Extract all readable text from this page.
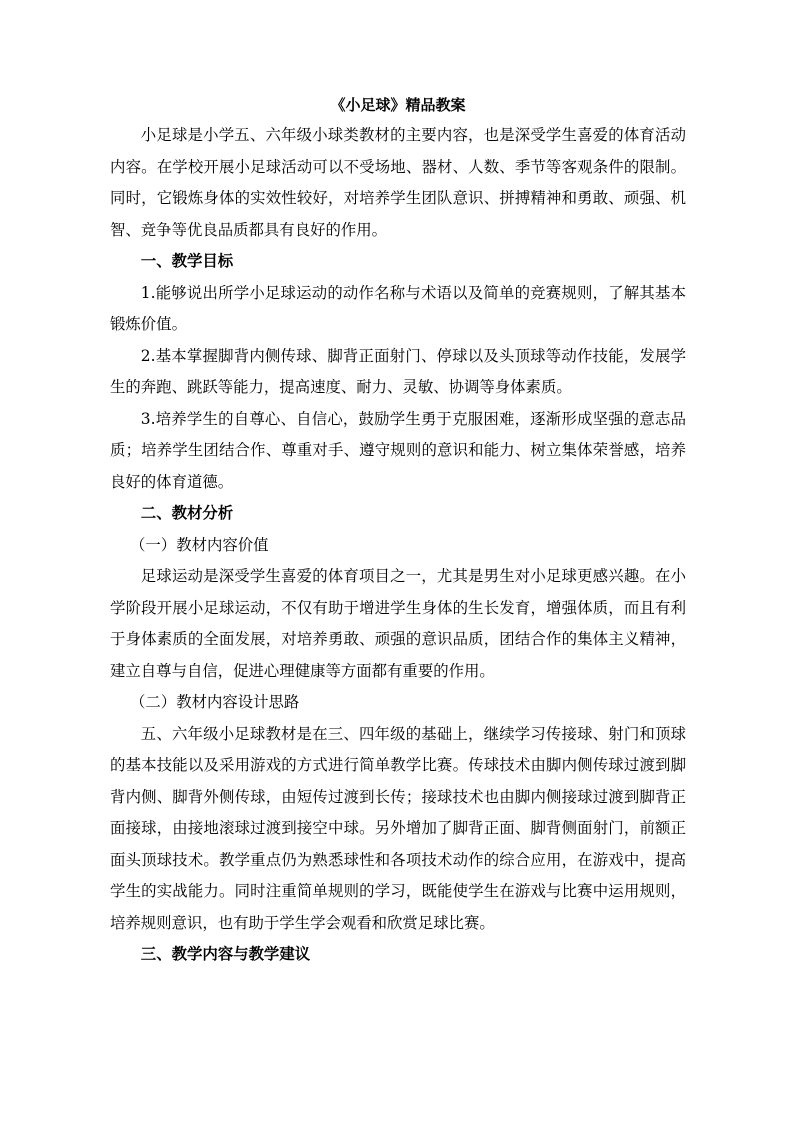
《小足球》精品教案

小足球是小学五、六年级小球类教材的主要内容，也是深受学生喜爱的体育活动内容。在学校开展小足球活动可以不受场地、器材、人数、季节等客观条件的限制。同时，它锻炼身体的实效性较好，对培养学生团队意识、拼搏精神和勇敢、顽强、机智、竞争等优良品质都具有良好的作用。

一、教学目标

1.能够说出所学小足球运动的动作名称与术语以及简单的竞赛规则，了解其基本锻炼价值。

2.基本掌握脚背内侧传球、脚背正面射门、停球以及头顶球等动作技能，发展学生的奔跑、跳跃等能力，提高速度、耐力、灵敏、协调等身体素质。

3.培养学生的自尊心、自信心，鼓励学生勇于克服困难，逐渐形成坚强的意志品质；培养学生团结合作、尊重对手、遵守规则的意识和能力、树立集体荣誉感，培养良好的体育道德。

二、教材分析
（一）教材内容价值

足球运动是深受学生喜爱的体育项目之一，尤其是男生对小足球更感兴趣。在小学阶段开展小足球运动，不仅有助于增进学生身体的生长发育，增强体质，而且有利于身体素质的全面发展，对培养勇敢、顽强的意识品质，团结合作的集体主义精神，建立自尊与自信，促进心理健康等方面都有重要的作用。

（二）教材内容设计思路

五、六年级小足球教材是在三、四年级的基础上，继续学习传接球、射门和顶球的基本技能以及采用游戏的方式进行简单教学比赛。传球技术由脚内侧传球过渡到脚背内侧、脚背外侧传球，由短传过渡到长传；接球技术也由脚内侧接球过渡到脚背正面接球，由接地滚球过渡到接空中球。另外增加了脚背正面、脚背侧面射门，前额正面头顶球技术。教学重点仍为熟悉球性和各项技术动作的综合应用，在游戏中，提高学生的实战能力。同时注重简单规则的学习，既能使学生在游戏与比赛中运用规则，培养规则意识，也有助于学生学会观看和欣赏足球比赛。

三、教学内容与教学建议
